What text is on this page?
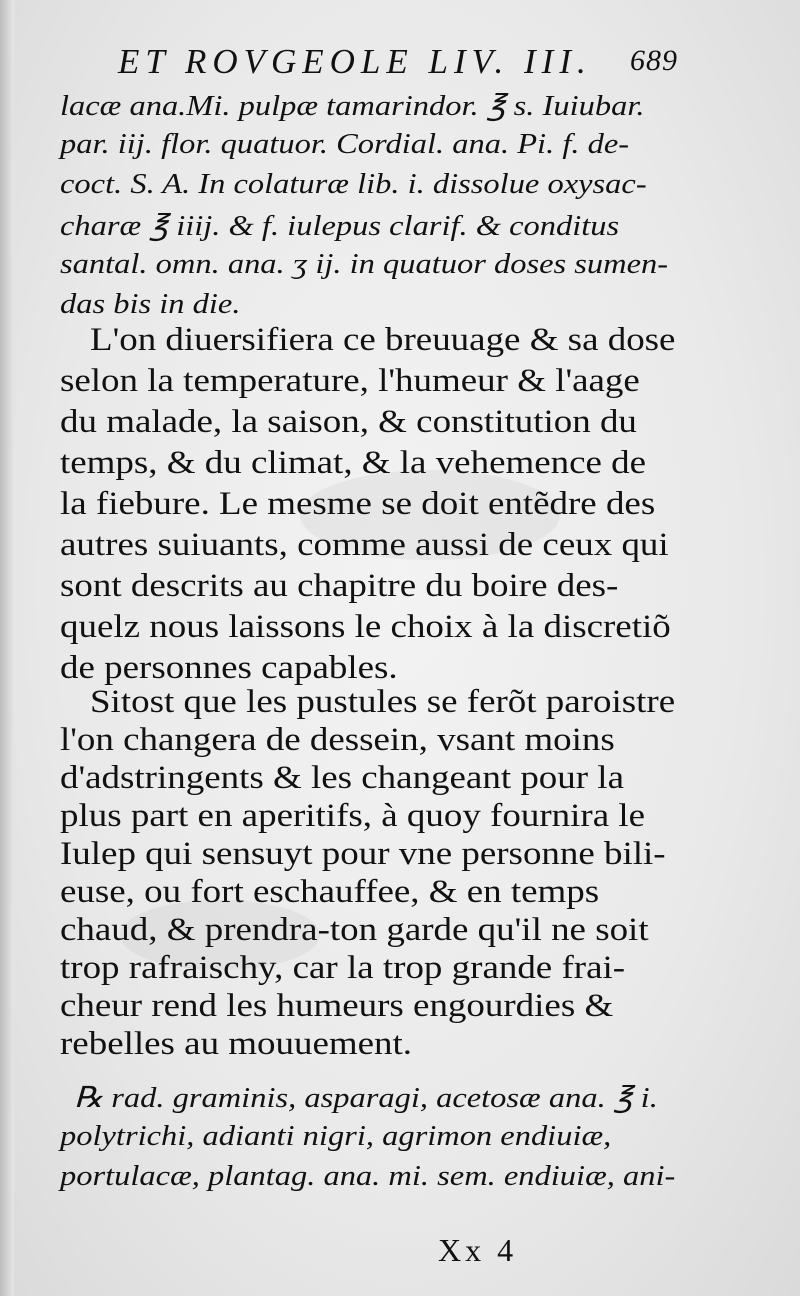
ET ROVGEOLE LIV. III. 689
lacæ ana.Mi. pulpæ tamarindor. ℥ s. Iuiubar.
par. iij. flor. quatuor. Cordial. ana. Pi. f. de-
coct. S. A. In colaturæ lib. i. dissolue oxysac-
charæ ℥ iiij. & f. iulepus clarif. & conditus
santal. omn. ana. ʒ ij. in quatuor doses sumen-
das bis in die.
L'on diuersifiera ce breuuage & sa dose
selon la temperature, l'humeur & l'aage
du malade, la saison, & constitution du
temps, & du climat, & la vehemence de
la fiebure. Le mesme se doit entẽdre des
autres suiuants, comme aussi de ceux qui
sont descrits au chapitre du boire des-
quelz nous laissons le choix à la discretiõ
de personnes capables.
Sitost que les pustules se ferõt paroistre
l'on changera de dessein, vsant moins
d'adstringents & les changeant pour la
plus part en aperitifs, à quoy fournira le
Iulep qui sensuyt pour vne personne bili-
euse, ou fort eschauffee, & en temps
chaud, & prendra-ton garde qu'il ne soit
trop rafraischy, car la trop grande frai-
cheur rend les humeurs engourdies &
rebelles au mouuement.
℞ rad. graminis, asparagi, acetosæ ana. ℥ i.
polytrichi, adianti nigri, agrimon endiuiæ,
portulacæ, plantag. ana. mi. sem. endiuiæ, ani-
Xx 4
